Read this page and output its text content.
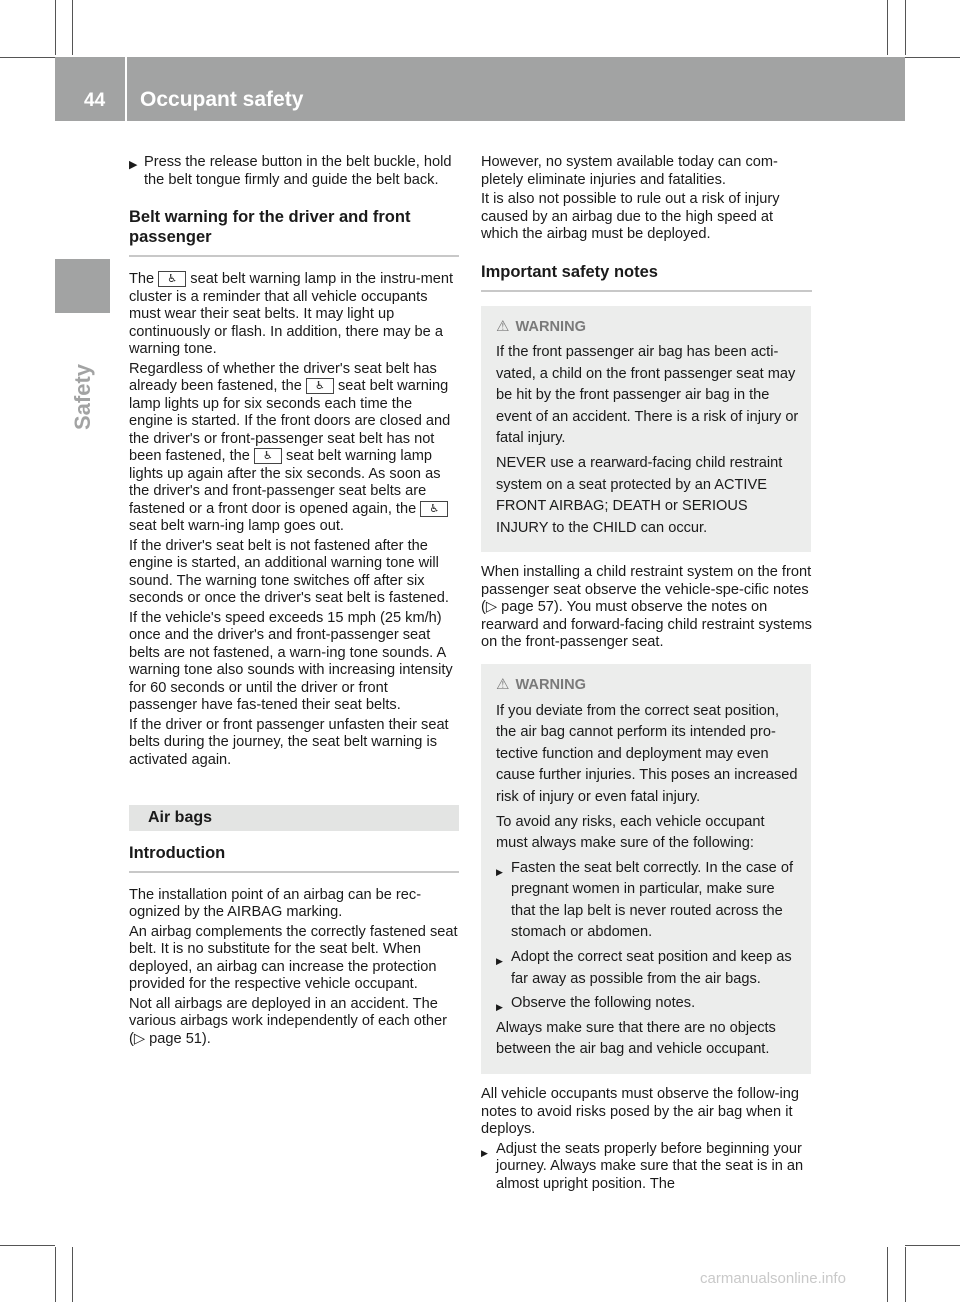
44 Occupant safety
Safety

▶ Press the release button in the belt buckle, hold the belt tongue firmly and guide the belt back.

Belt warning for the driver and front passenger

The ♿ seat belt warning lamp in the instru-ment cluster is a reminder that all vehicle occupants must wear their seat belts. It may light up continuously or flash. In addition, there may be a warning tone.

Regardless of whether the driver's seat belt has already been fastened, the ♿ seat belt warning lamp lights up for six seconds each time the engine is started. If the front doors are closed and the driver's or front-passenger seat belt has not been fastened, the ♿ seat belt warning lamp lights up again after the six seconds. As soon as the driver's and front-passenger seat belts are fastened or a front door is opened again, the ♿ seat belt warn-ing lamp goes out.

If the driver's seat belt is not fastened after the engine is started, an additional warning tone will sound. The warning tone switches off after six seconds or once the driver's seat belt is fastened.

If the vehicle's speed exceeds 15 mph (25 km/h) once and the driver's and front-passenger seat belts are not fastened, a warn-ing tone sounds. A warning tone also sounds with increasing intensity for 60 seconds or until the driver or front passenger have fas-tened their seat belts.

If the driver or front passenger unfasten their seat belts during the journey, the seat belt warning is activated again.

Air bags
Introduction

The installation point of an airbag can be rec-ognized by the AIRBAG marking.

An airbag complements the correctly fastened seat belt. It is no substitute for the seat belt. When deployed, an airbag can increase the protection provided for the respective vehicle occupant.

Not all airbags are deployed in an accident. The various airbags work independently of each other (▷ page 51).

However, no system available today can com-pletely eliminate injuries and fatalities.

It is also not possible to rule out a risk of injury caused by an airbag due to the high speed at which the airbag must be deployed.

Important safety notes
⚠ WARNING

If the front passenger air bag has been acti-vated, a child on the front passenger seat may be hit by the front passenger air bag in the event of an accident. There is a risk of injury or fatal injury.

NEVER use a rearward-facing child restraint system on a seat protected by an ACTIVE FRONT AIRBAG; DEATH or SERIOUS INJURY to the CHILD can occur.

When installing a child restraint system on the front passenger seat observe the vehicle-spe-cific notes (▷ page 57). You must observe the notes on rearward and forward-facing child restraint systems on the front-passenger seat.

⚠ WARNING

If you deviate from the correct seat position, the air bag cannot perform its intended pro-tective function and deployment may even cause further injuries. This poses an increased risk of injury or even fatal injury.

To avoid any risks, each vehicle occupant must always make sure of the following:

▶ Fasten the seat belt correctly. In the case of pregnant women in particular, make sure that the lap belt is never routed across the stomach or abdomen.

▶ Adopt the correct seat position and keep as far away as possible from the air bags.

▶ Observe the following notes.

Always make sure that there are no objects between the air bag and vehicle occupant.

All vehicle occupants must observe the follow-ing notes to avoid risks posed by the air bag when it deploys.

▶ Adjust the seats properly before beginning your journey. Always make sure that the seat is in an almost upright position. The

carmanualsonline.info
